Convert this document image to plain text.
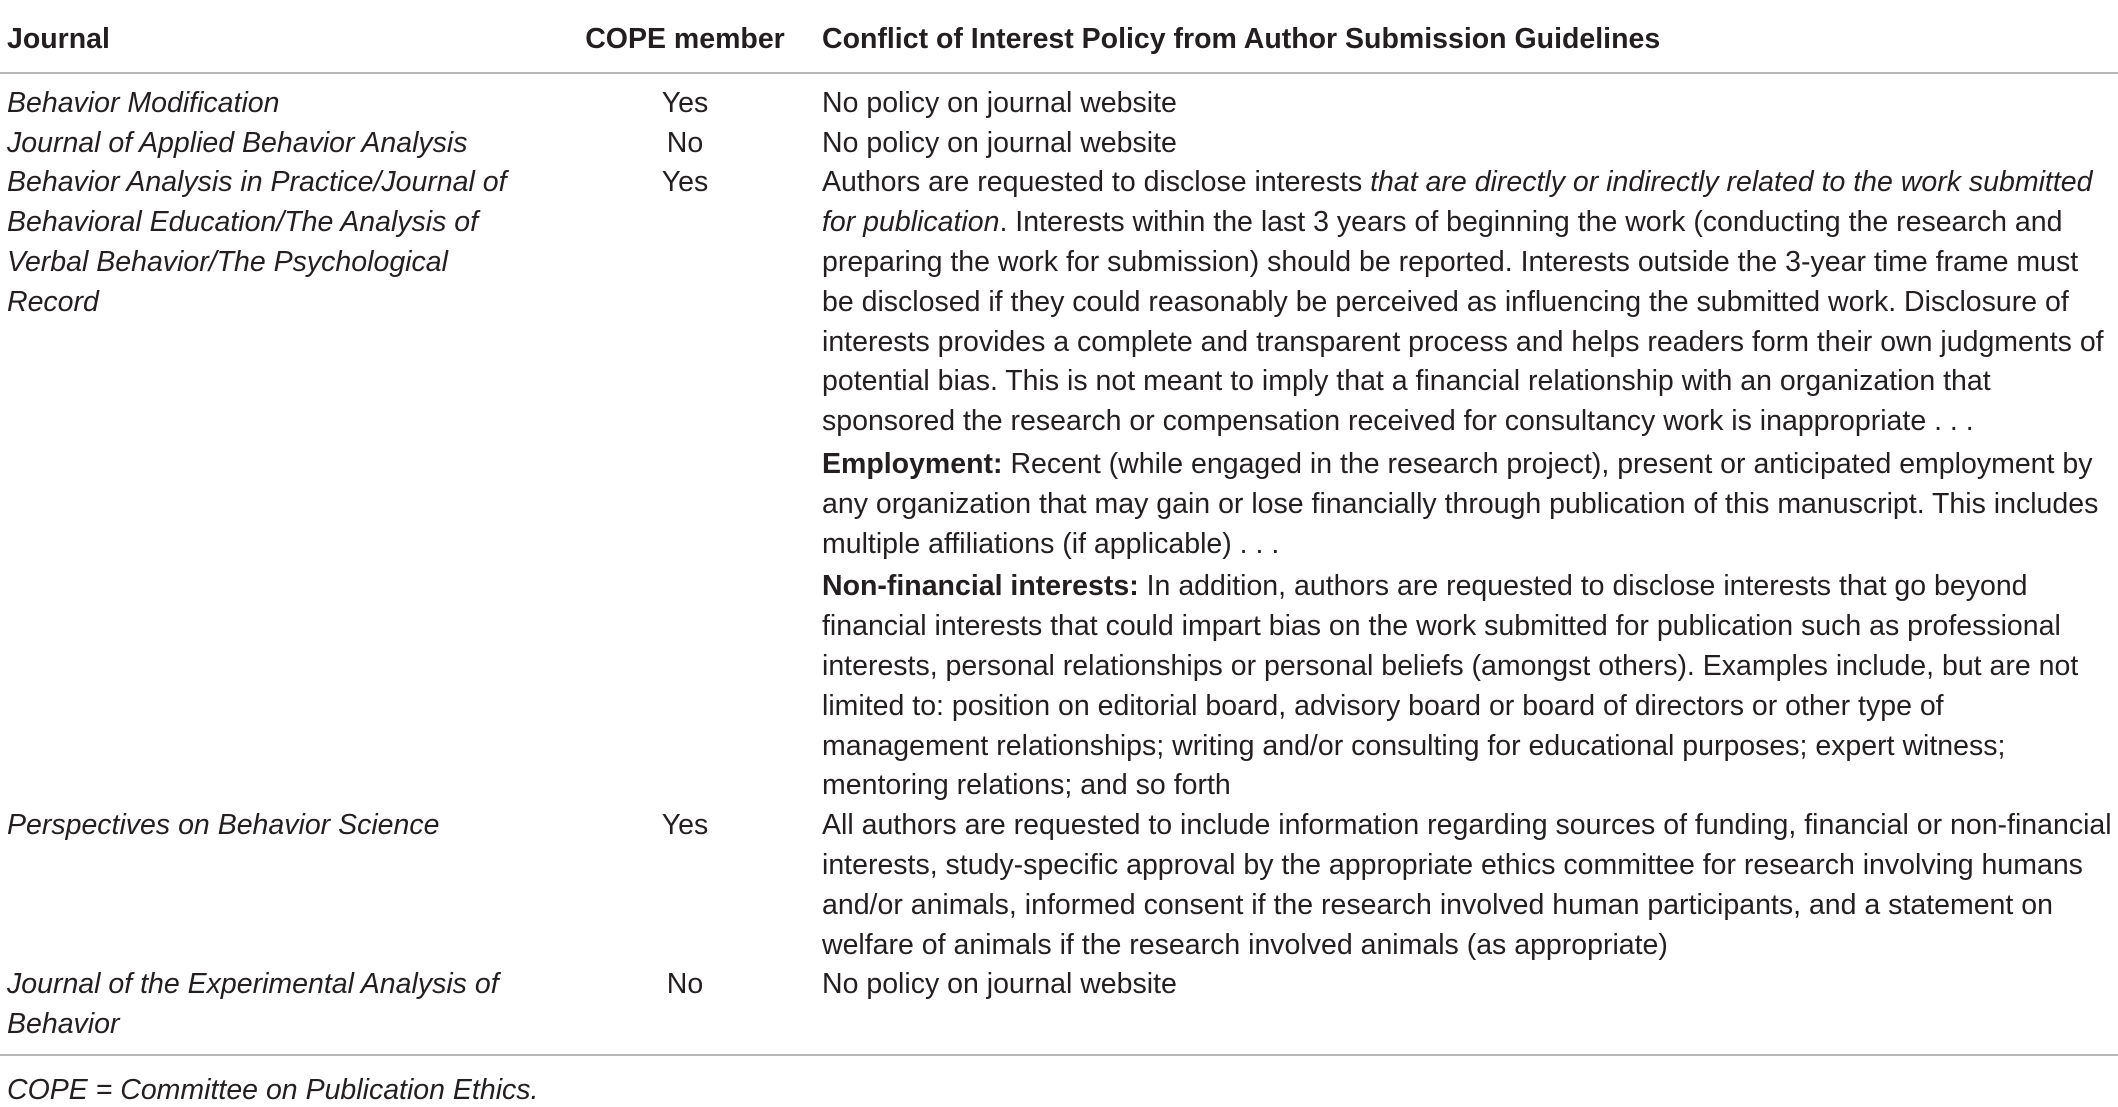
Journal	COPE member	Conflict of Interest Policy from Author Submission Guidelines
Behavior Modification	Yes	No policy on journal website
Journal of Applied Behavior Analysis	No	No policy on journal website
Behavior Analysis in Practice/Journal of Behavioral Education/The Analysis of Verbal Behavior/The Psychological Record	Yes	Authors are requested to disclose interests that are directly or indirectly related to the work submitted for publication. Interests within the last 3 years of beginning the work (conducting the research and preparing the work for submission) should be reported. Interests outside the 3-year time frame must be disclosed if they could reasonably be perceived as influencing the submitted work. Disclosure of interests provides a complete and transparent process and helps readers form their own judgments of potential bias. This is not meant to imply that a financial relationship with an organization that sponsored the research or compensation received for consultancy work is inappropriate . . .
Employment: Recent (while engaged in the research project), present or anticipated employment by any organization that may gain or lose financially through publication of this manuscript. This includes multiple affiliations (if applicable) . . .
Non-financial interests: In addition, authors are requested to disclose interests that go beyond financial interests that could impart bias on the work submitted for publication such as professional interests, personal relationships or personal beliefs (amongst others). Examples include, but are not limited to: position on editorial board, advisory board or board of directors or other type of management relationships; writing and/or consulting for educational purposes; expert witness; mentoring relations; and so forth

Perspectives on Behavior Science	Yes	All authors are requested to include information regarding sources of funding, financial or non-financial interests, study-specific approval by the appropriate ethics committee for research involving humans and/or animals, informed consent if the research involved human participants, and a statement on welfare of animals if the research involved animals (as appropriate)
Journal of the Experimental Analysis of Behavior	No	No policy on journal website
COPE = Committee on Publication Ethics.
